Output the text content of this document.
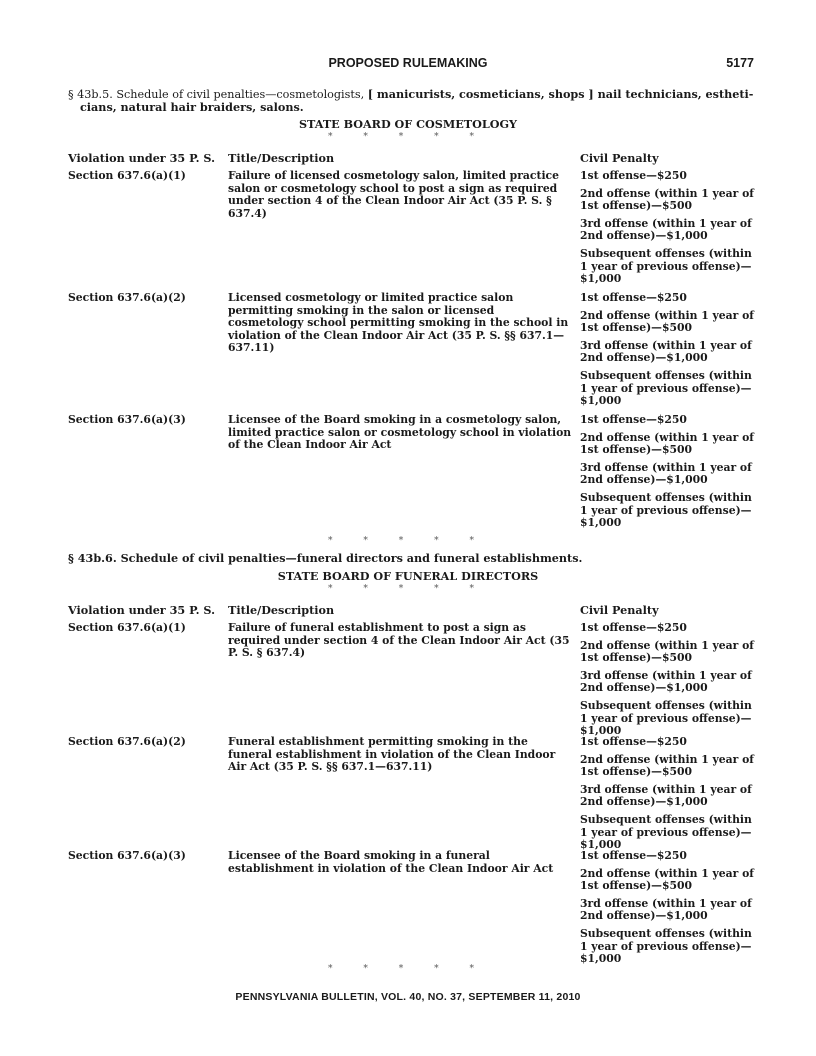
PROPOSED RULEMAKING	5177
§ 43b.5. Schedule of civil penalties—cosmetologists, [ manicurists, cosmeticians, shops ] nail technicians, estheti-
cians, natural hair braiders, salons.
STATE BOARD OF COSMETOLOGY
* * * * *
Violation under 35 P. S.	Title/Description	Civil Penalty
Section 637.6(a)(1)	Failure of licensed cosmetology salon, limited practice salon or cosmetology school to post a sign as required under section 4 of the Clean Indoor Air Act (35 P. S. § 637.4)
1st offense—$250
2nd offense (within 1 year of 1st offense)—$500
3rd offense (within 1 year of 2nd offense)—$1,000
Subsequent offenses (within 1 year of previous offense)—$1,000
Section 637.6(a)(2)	Licensed cosmetology or limited practice salon permitting smoking in the salon or licensed cosmetology school permitting smoking in the school in violation of the Clean Indoor Air Act (35 P. S. §§ 637.1—637.11)
1st offense—$250
2nd offense (within 1 year of 1st offense)—$500
3rd offense (within 1 year of 2nd offense)—$1,000
Subsequent offenses (within 1 year of previous offense)—$1,000
Section 637.6(a)(3)	Licensee of the Board smoking in a cosmetology salon, limited practice salon or cosmetology school in violation of the Clean Indoor Air Act
1st offense—$250
2nd offense (within 1 year of 1st offense)—$500
3rd offense (within 1 year of 2nd offense)—$1,000
Subsequent offenses (within 1 year of previous offense)—$1,000
* * * * *
§ 43b.6. Schedule of civil penalties—funeral directors and funeral establishments.
STATE BOARD OF FUNERAL DIRECTORS
* * * * *
Violation under 35 P. S.	Title/Description	Civil Penalty
Section 637.6(a)(1)	Failure of funeral establishment to post a sign as required under section 4 of the Clean Indoor Air Act (35 P. S. § 637.4)
1st offense—$250
2nd offense (within 1 year of 1st offense)—$500
3rd offense (within 1 year of 2nd offense)—$1,000
Subsequent offenses (within 1 year of previous offense)—$1,000
Section 637.6(a)(2)	Funeral establishment permitting smoking in the funeral establishment in violation of the Clean Indoor Air Act (35 P. S. §§ 637.1—637.11)
1st offense—$250
2nd offense (within 1 year of 1st offense)—$500
3rd offense (within 1 year of 2nd offense)—$1,000
Subsequent offenses (within 1 year of previous offense)—$1,000
Section 637.6(a)(3)	Licensee of the Board smoking in a funeral establishment in violation of the Clean Indoor Air Act
1st offense—$250
2nd offense (within 1 year of 1st offense)—$500
3rd offense (within 1 year of 2nd offense)—$1,000
Subsequent offenses (within 1 year of previous offense)—$1,000
* * * * *
PENNSYLVANIA BULLETIN, VOL. 40, NO. 37, SEPTEMBER 11, 2010
